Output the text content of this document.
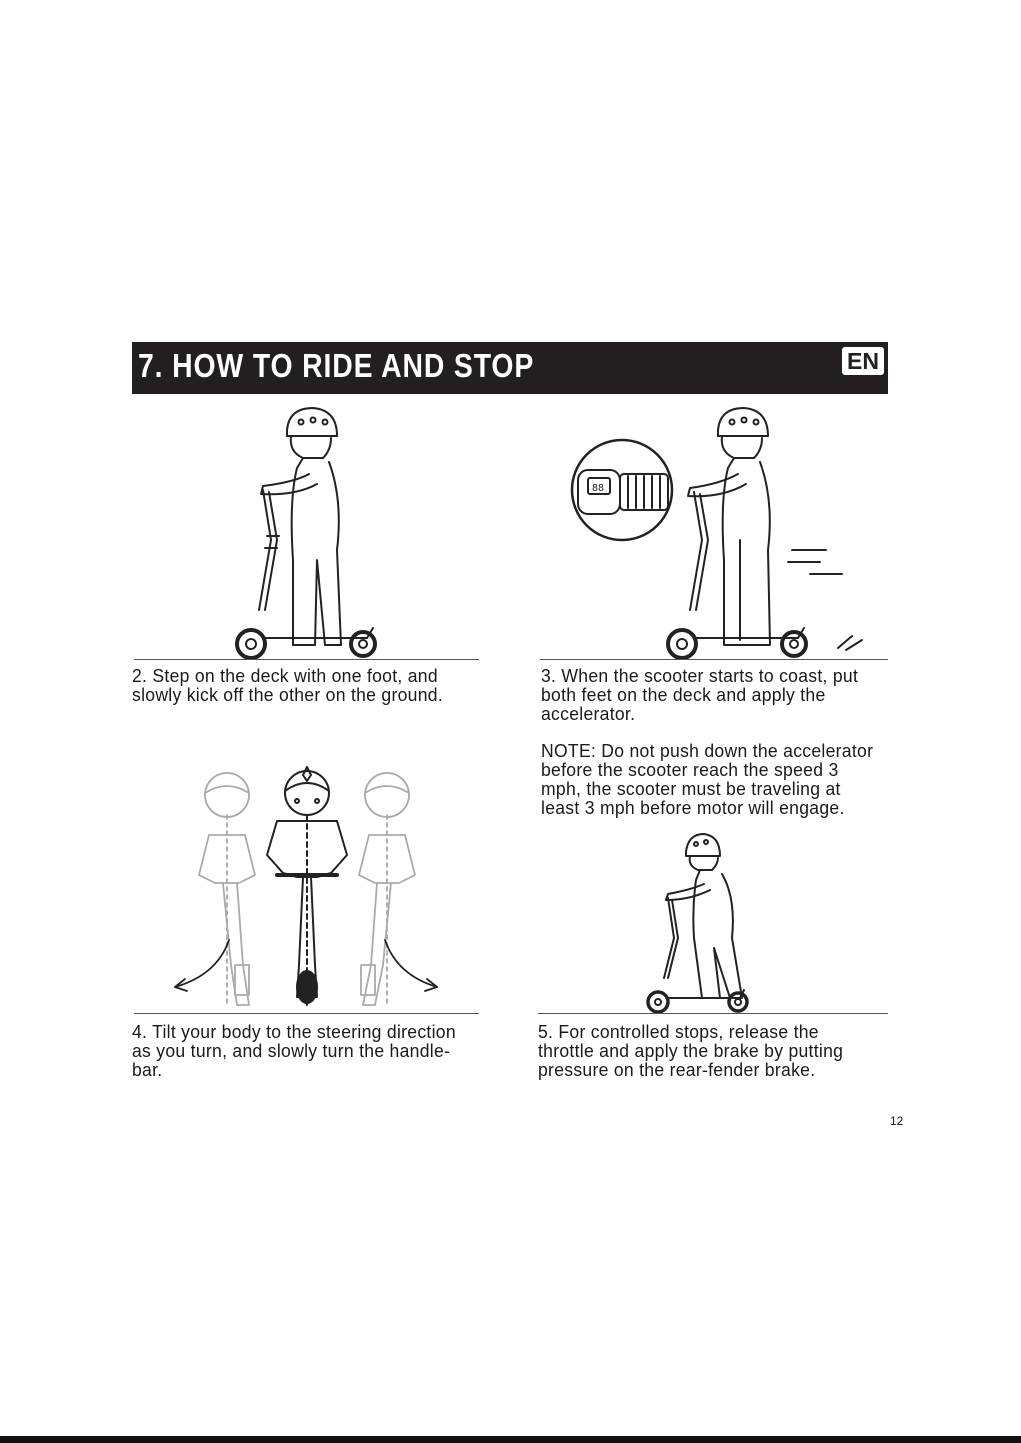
7. HOW TO RIDE AND STOP	EN
88
2. Step on the deck with one foot, and
slowly kick off the other on the ground.
3. When the scooter starts to coast, put
both feet on the deck and apply the
accelerator.
NOTE: Do not push down the accelerator
before the scooter reach the speed 3
mph, the scooter must be traveling at
least 3 mph before motor will engage.
4. Tilt your body to the steering direction
as you turn, and slowly turn the handle-
bar.
5. For controlled stops, release the
throttle and apply the brake by putting
pressure on the rear-fender brake.
12
